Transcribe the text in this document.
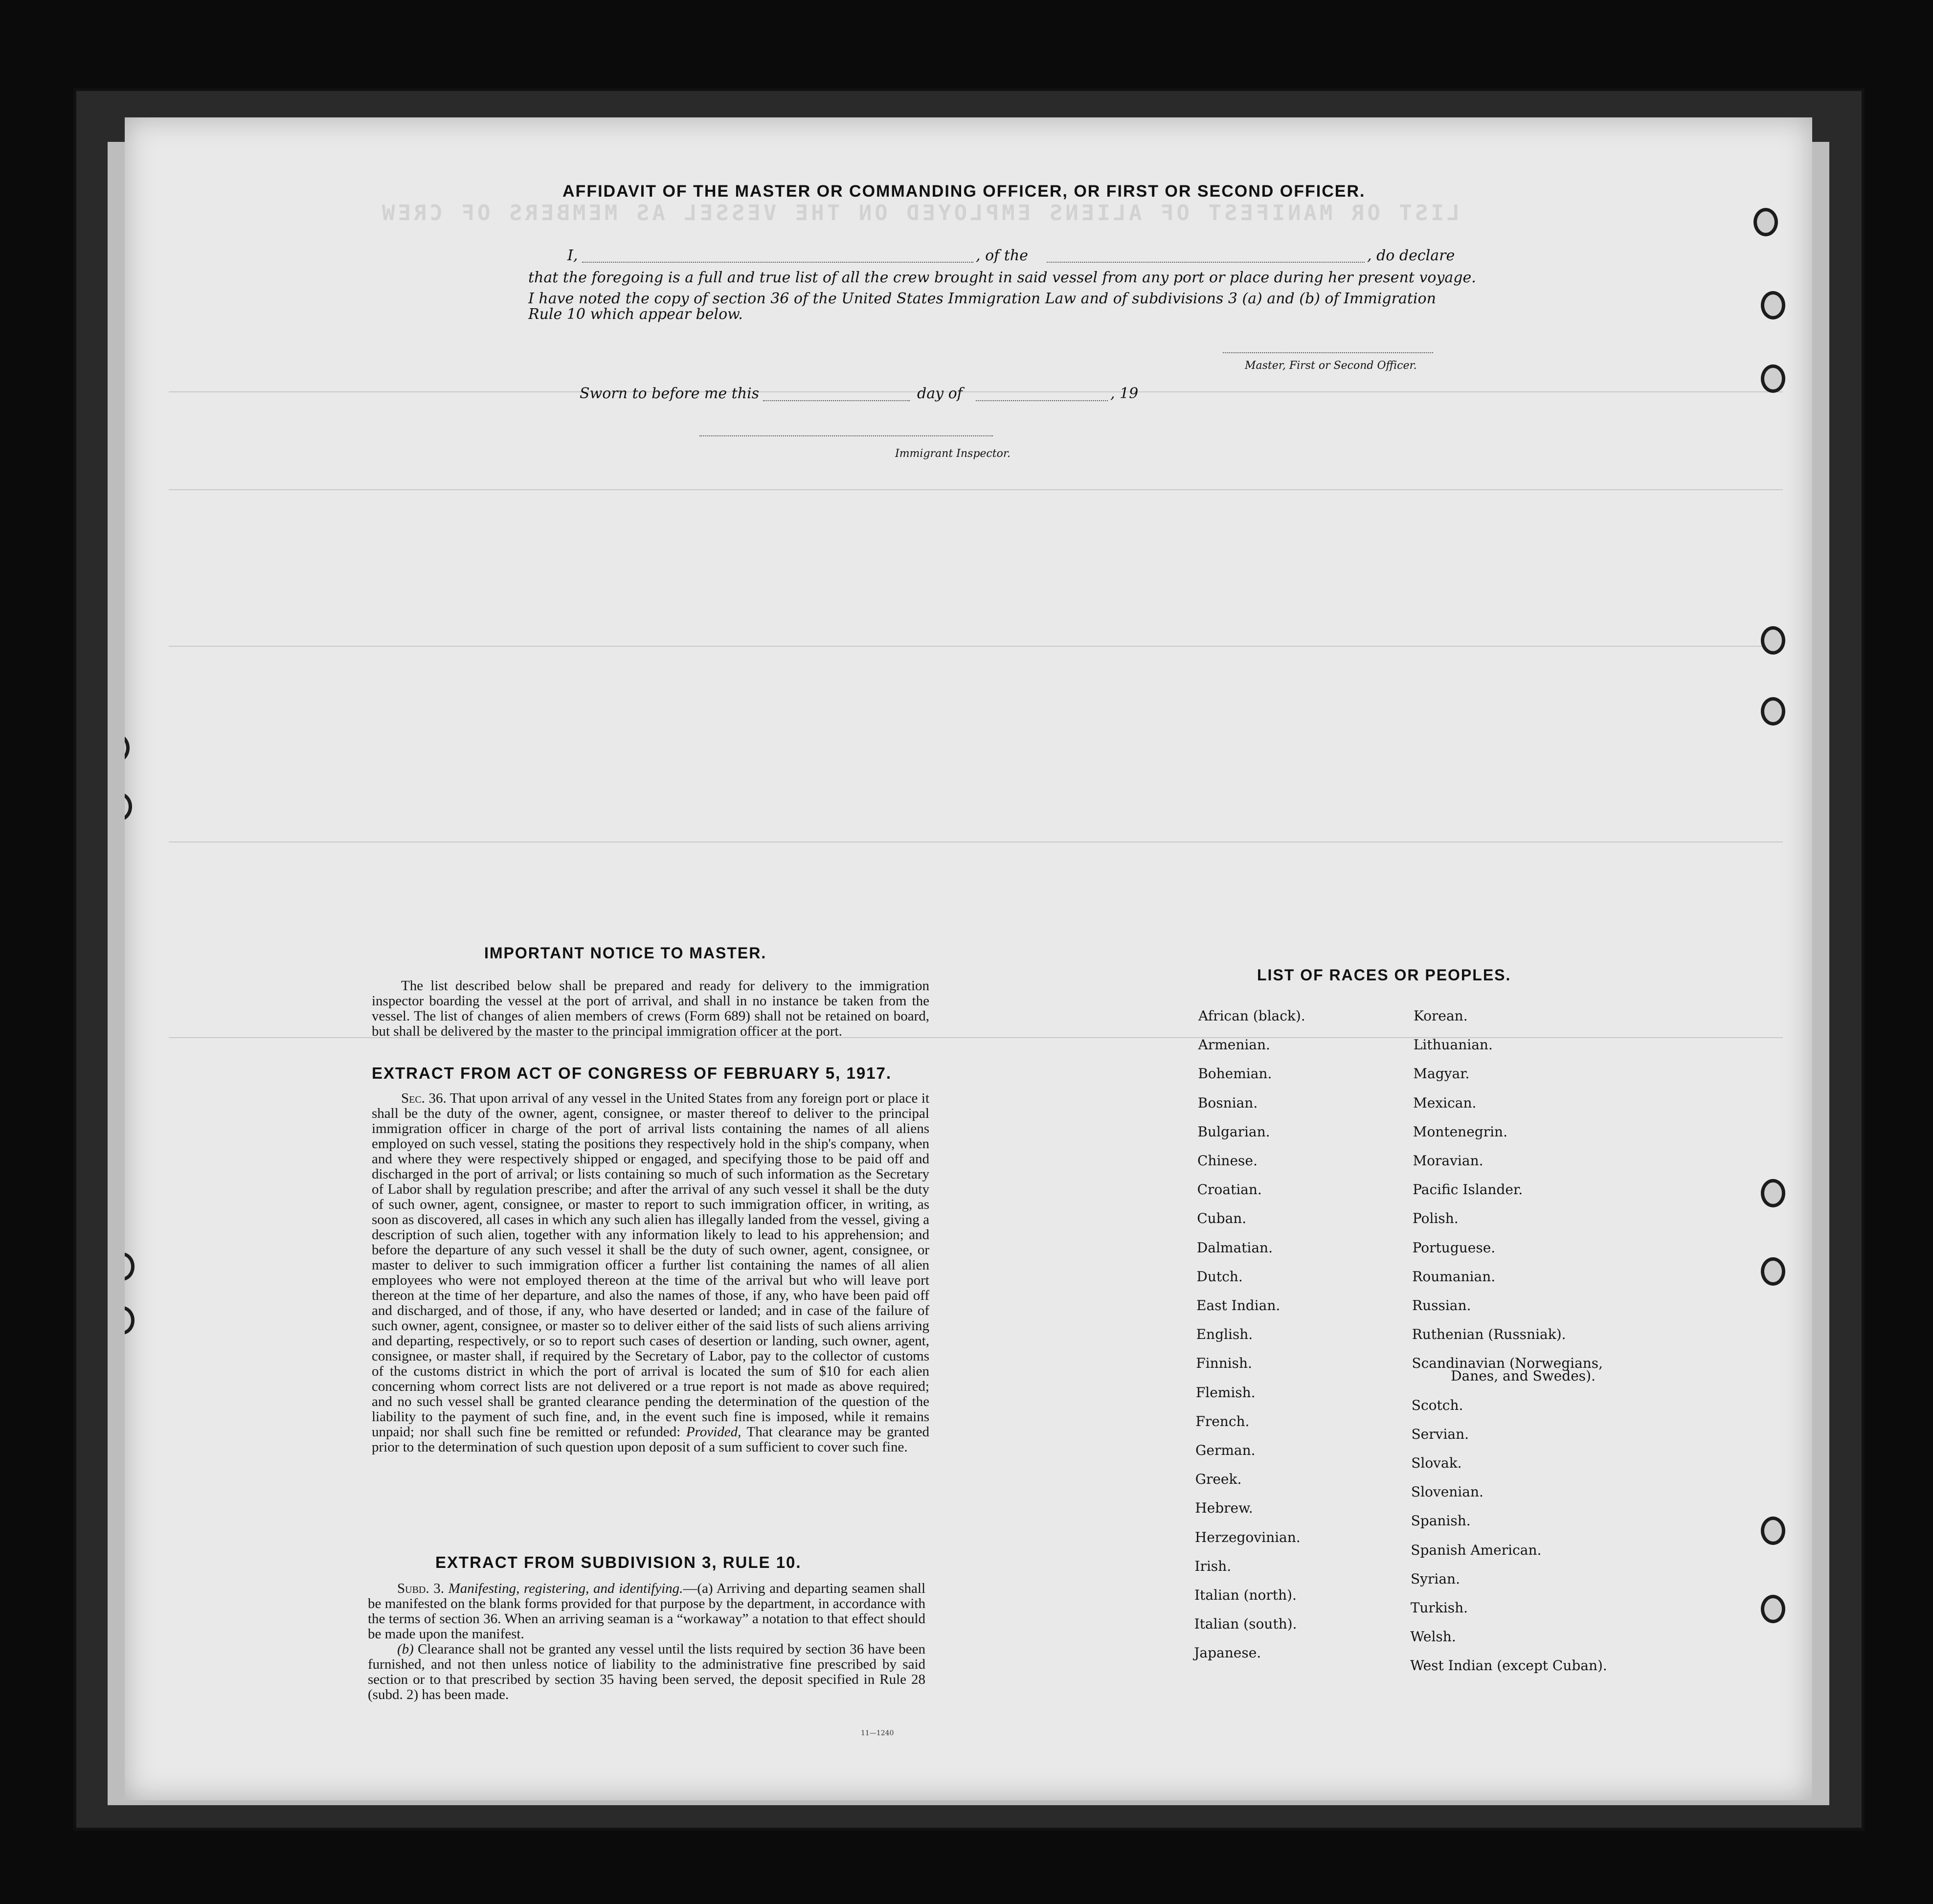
LIST OR MANIFEST OF ALIENS EMPLOYED ON THE VESSEL AS MEMBERS OF CREW
AFFIDAVIT OF THE MASTER OR COMMANDING OFFICER, OR FIRST OR SECOND OFFICER.
I,	, of the	, do declare
that the foregoing is a full and true list of all the crew brought in said vessel from any port or place during her present voyage.
I have noted the copy of section 36 of the United States Immigration Law and of subdivisions 3 (a) and (b) of Immigration
Rule 10 which appear below.
Master, First or Second Officer.
Sworn to before me this	day of	, 19
Immigrant Inspector.
IMPORTANT NOTICE TO MASTER.

The list described below shall be prepared and ready for delivery to the immigration inspector boarding the vessel at the port of arrival, and shall in no instance be taken from the vessel. The list of changes of alien members of crews (Form 689) shall not be retained on board, but shall be delivered by the master to the principal immigration officer at the port.

EXTRACT FROM ACT OF CONGRESS OF FEBRUARY 5, 1917.

Sec. 36. That upon arrival of any vessel in the United States from any foreign port or place it shall be the duty of the owner, agent, consignee, or master thereof to deliver to the principal immigration officer in charge of the port of arrival lists containing the names of all aliens employed on such vessel, stating the positions they respectively hold in the ship's company, when and where they were respectively shipped or engaged, and specifying those to be paid off and discharged in the port of arrival; or lists containing so much of such information as the Secretary of Labor shall by regulation prescribe; and after the arrival of any such vessel it shall be the duty of such owner, agent, consignee, or master to report to such immigration officer, in writing, as soon as discovered, all cases in which any such alien has illegally landed from the vessel, giving a description of such alien, together with any information likely to lead to his apprehension; and before the departure of any such vessel it shall be the duty of such owner, agent, consignee, or master to deliver to such immigration officer a further list containing the names of all alien employees who were not employed thereon at the time of the arrival but who will leave port thereon at the time of her departure, and also the names of those, if any, who have been paid off and discharged, and of those, if any, who have deserted or landed; and in case of the failure of such owner, agent, consignee, or master so to deliver either of the said lists of such aliens arriving and departing, respectively, or so to report such cases of desertion or landing, such owner, agent, consignee, or master shall, if required by the Secretary of Labor, pay to the collector of customs of the customs district in which the port of arrival is located the sum of $10 for each alien concerning whom correct lists are not delivered or a true report is not made as above required; and no such vessel shall be granted clearance pending the determination of the question of the liability to the payment of such fine, and, in the event such fine is imposed, while it remains unpaid; nor shall such fine be remitted or refunded: Provided, That clearance may be granted prior to the determination of such question upon deposit of a sum sufficient to cover such fine.

EXTRACT FROM SUBDIVISION 3, RULE 10.

Subd. 3. Manifesting, registering, and identifying.—(a) Arriving and departing seamen shall be manifested on the blank forms provided for that purpose by the department, in accordance with the terms of section 36. When an arriving seaman is a “workaway” a notation to that effect should be made upon the manifest.

(b) Clearance shall not be granted any vessel until the lists required by section 36 have been furnished, and not then unless notice of liability to the administrative fine prescribed by said section or to that prescribed by section 35 having been served, the deposit specified in Rule 28 (subd. 2) has been made.

11—1240
LIST OF RACES OR PEOPLES.
African (black).
Armenian.
Bohemian.
Bosnian.
Bulgarian.
Chinese.
Croatian.
Cuban.
Dalmatian.
Dutch.
East Indian.
English.
Finnish.
Flemish.
French.
German.
Greek.
Hebrew.
Herzegovinian.
Irish.
Italian (north).
Italian (south).
Japanese.
Korean.
Lithuanian.
Magyar.
Mexican.
Montenegrin.
Moravian.
Pacific Islander.
Polish.
Portuguese.
Roumanian.
Russian.
Ruthenian (Russniak).
Scandinavian (Norwegians,
Danes, and Swedes).
Scotch.
Servian.
Slovak.
Slovenian.
Spanish.
Spanish American.
Syrian.
Turkish.
Welsh.
West Indian (except Cuban).
